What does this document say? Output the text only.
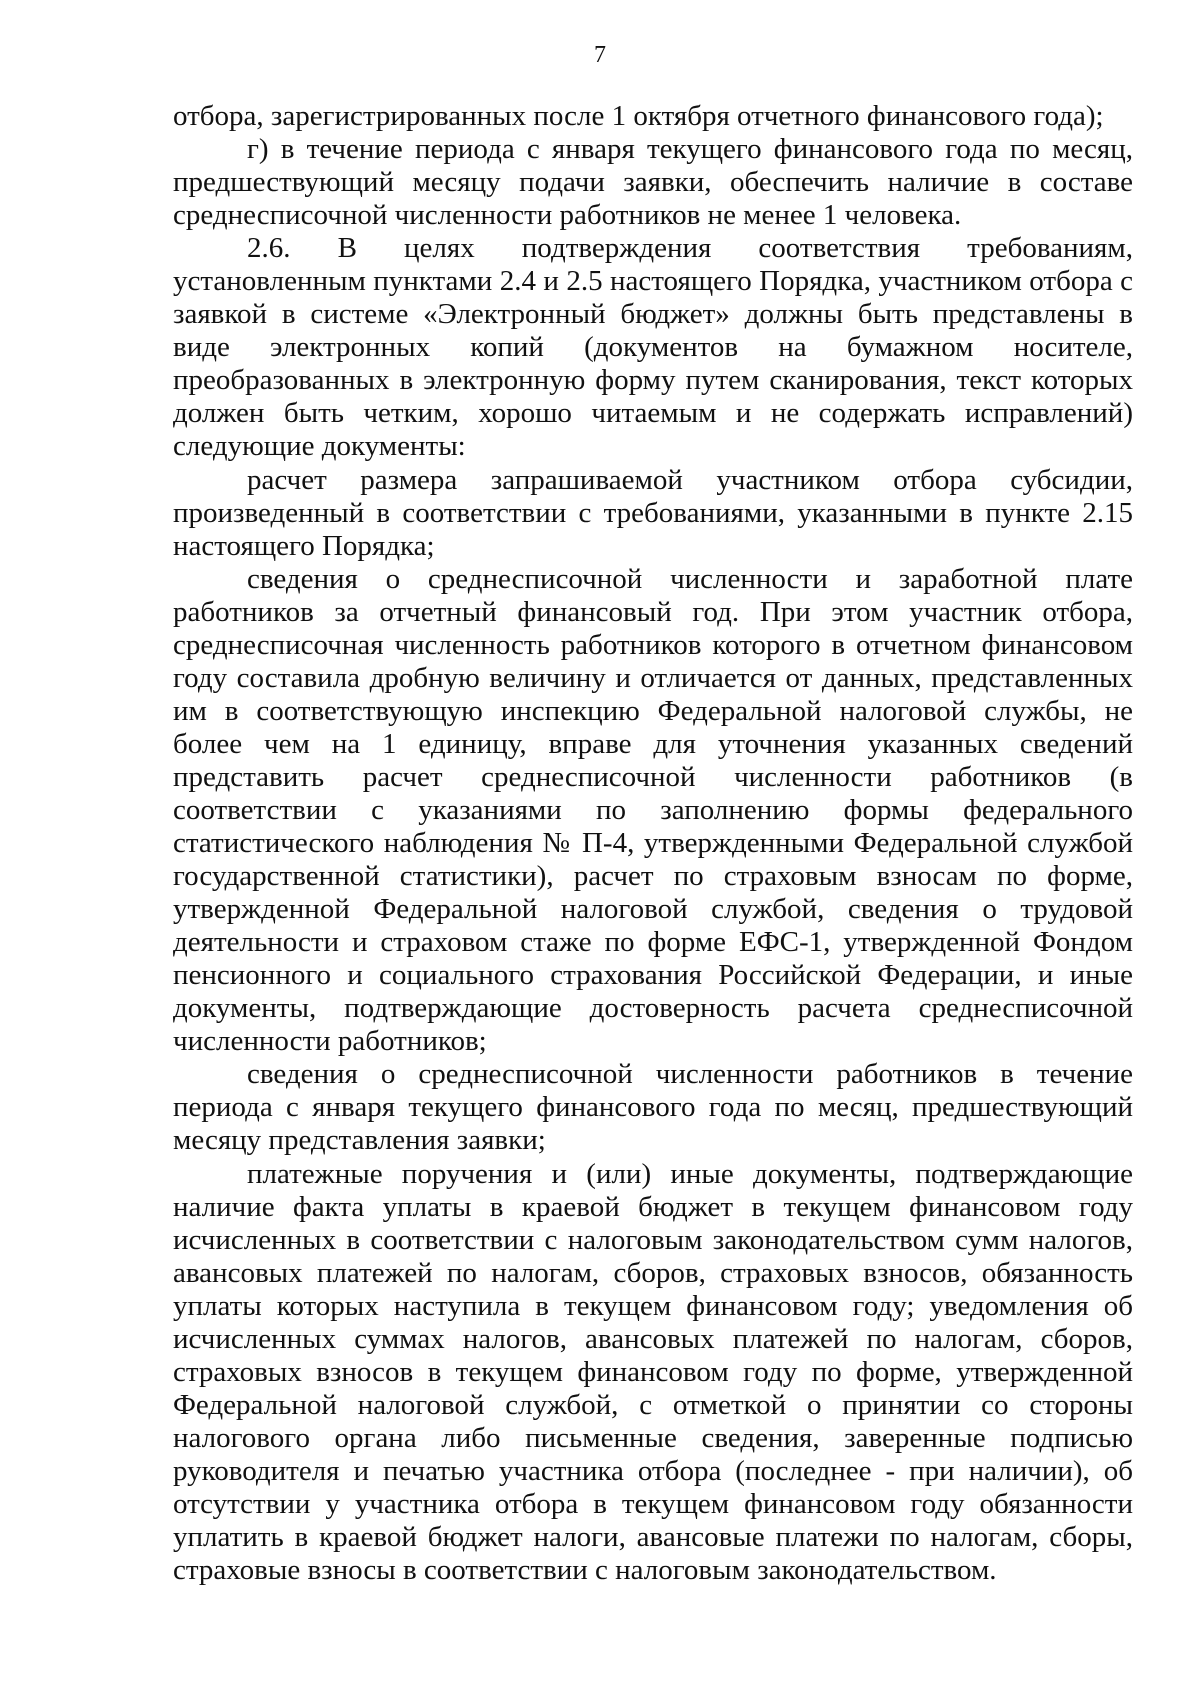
7

отбора, зарегистрированных после 1 октября отчетного финансового года);

г) в течение периода с января текущего финансового года по месяц, предшествующий месяцу подачи заявки, обеспечить наличие в составе среднесписочной численности работников не менее 1 человека.

2.6. В целях подтверждения соответствия требованиям, установленным пунктами 2.4 и 2.5 настоящего Порядка, участником отбора с заявкой в системе «Электронный бюджет» должны быть представлены в виде электронных копий (документов на бумажном носителе, преобразованных в электронную форму путем сканирования, текст которых должен быть четким, хорошо читаемым и не содержать исправлений) следующие документы:

расчет размера запрашиваемой участником отбора субсидии, произведенный в соответствии с требованиями, указанными в пункте 2.15 настоящего Порядка;

сведения о среднесписочной численности и заработной плате работников за отчетный финансовый год. При этом участник отбора, среднесписочная численность работников которого в отчетном финансовом году составила дробную величину и отличается от данных, представленных им в соответствующую инспекцию Федеральной налоговой службы, не более чем на 1 единицу, вправе для уточнения указанных сведений представить расчет среднесписочной численности работников (в соответствии с указаниями по заполнению формы федерального статистического наблюдения № П-4, утвержденными Федеральной службой государственной статистики), расчет по страховым взносам по форме, утвержденной Федеральной налоговой службой, сведения о трудовой деятельности и страховом стаже по форме ЕФС-1, утвержденной Фондом пенсионного и социального страхования Российской Федерации, и иные документы, подтверждающие достоверность расчета среднесписочной численности работников;

сведения о среднесписочной численности работников в течение периода с января текущего финансового года по месяц, предшествующий месяцу представления заявки;

платежные поручения и (или) иные документы, подтверждающие наличие факта уплаты в краевой бюджет в текущем финансовом году исчисленных в соответствии с налоговым законодательством сумм налогов, авансовых платежей по налогам, сборов, страховых взносов, обязанность уплаты которых наступила в текущем финансовом году; уведомления об исчисленных суммах налогов, авансовых платежей по налогам, сборов, страховых взносов в текущем финансовом году по форме, утвержденной Федеральной налоговой службой, с отметкой о принятии со стороны налогового органа либо письменные сведения, заверенные подписью руководителя и печатью участника отбора (последнее - при наличии), об отсутствии у участника отбора в текущем финансовом году обязанности уплатить в краевой бюджет налоги, авансовые платежи по налогам, сборы, страховые взносы в соответствии с налоговым законодательством.
